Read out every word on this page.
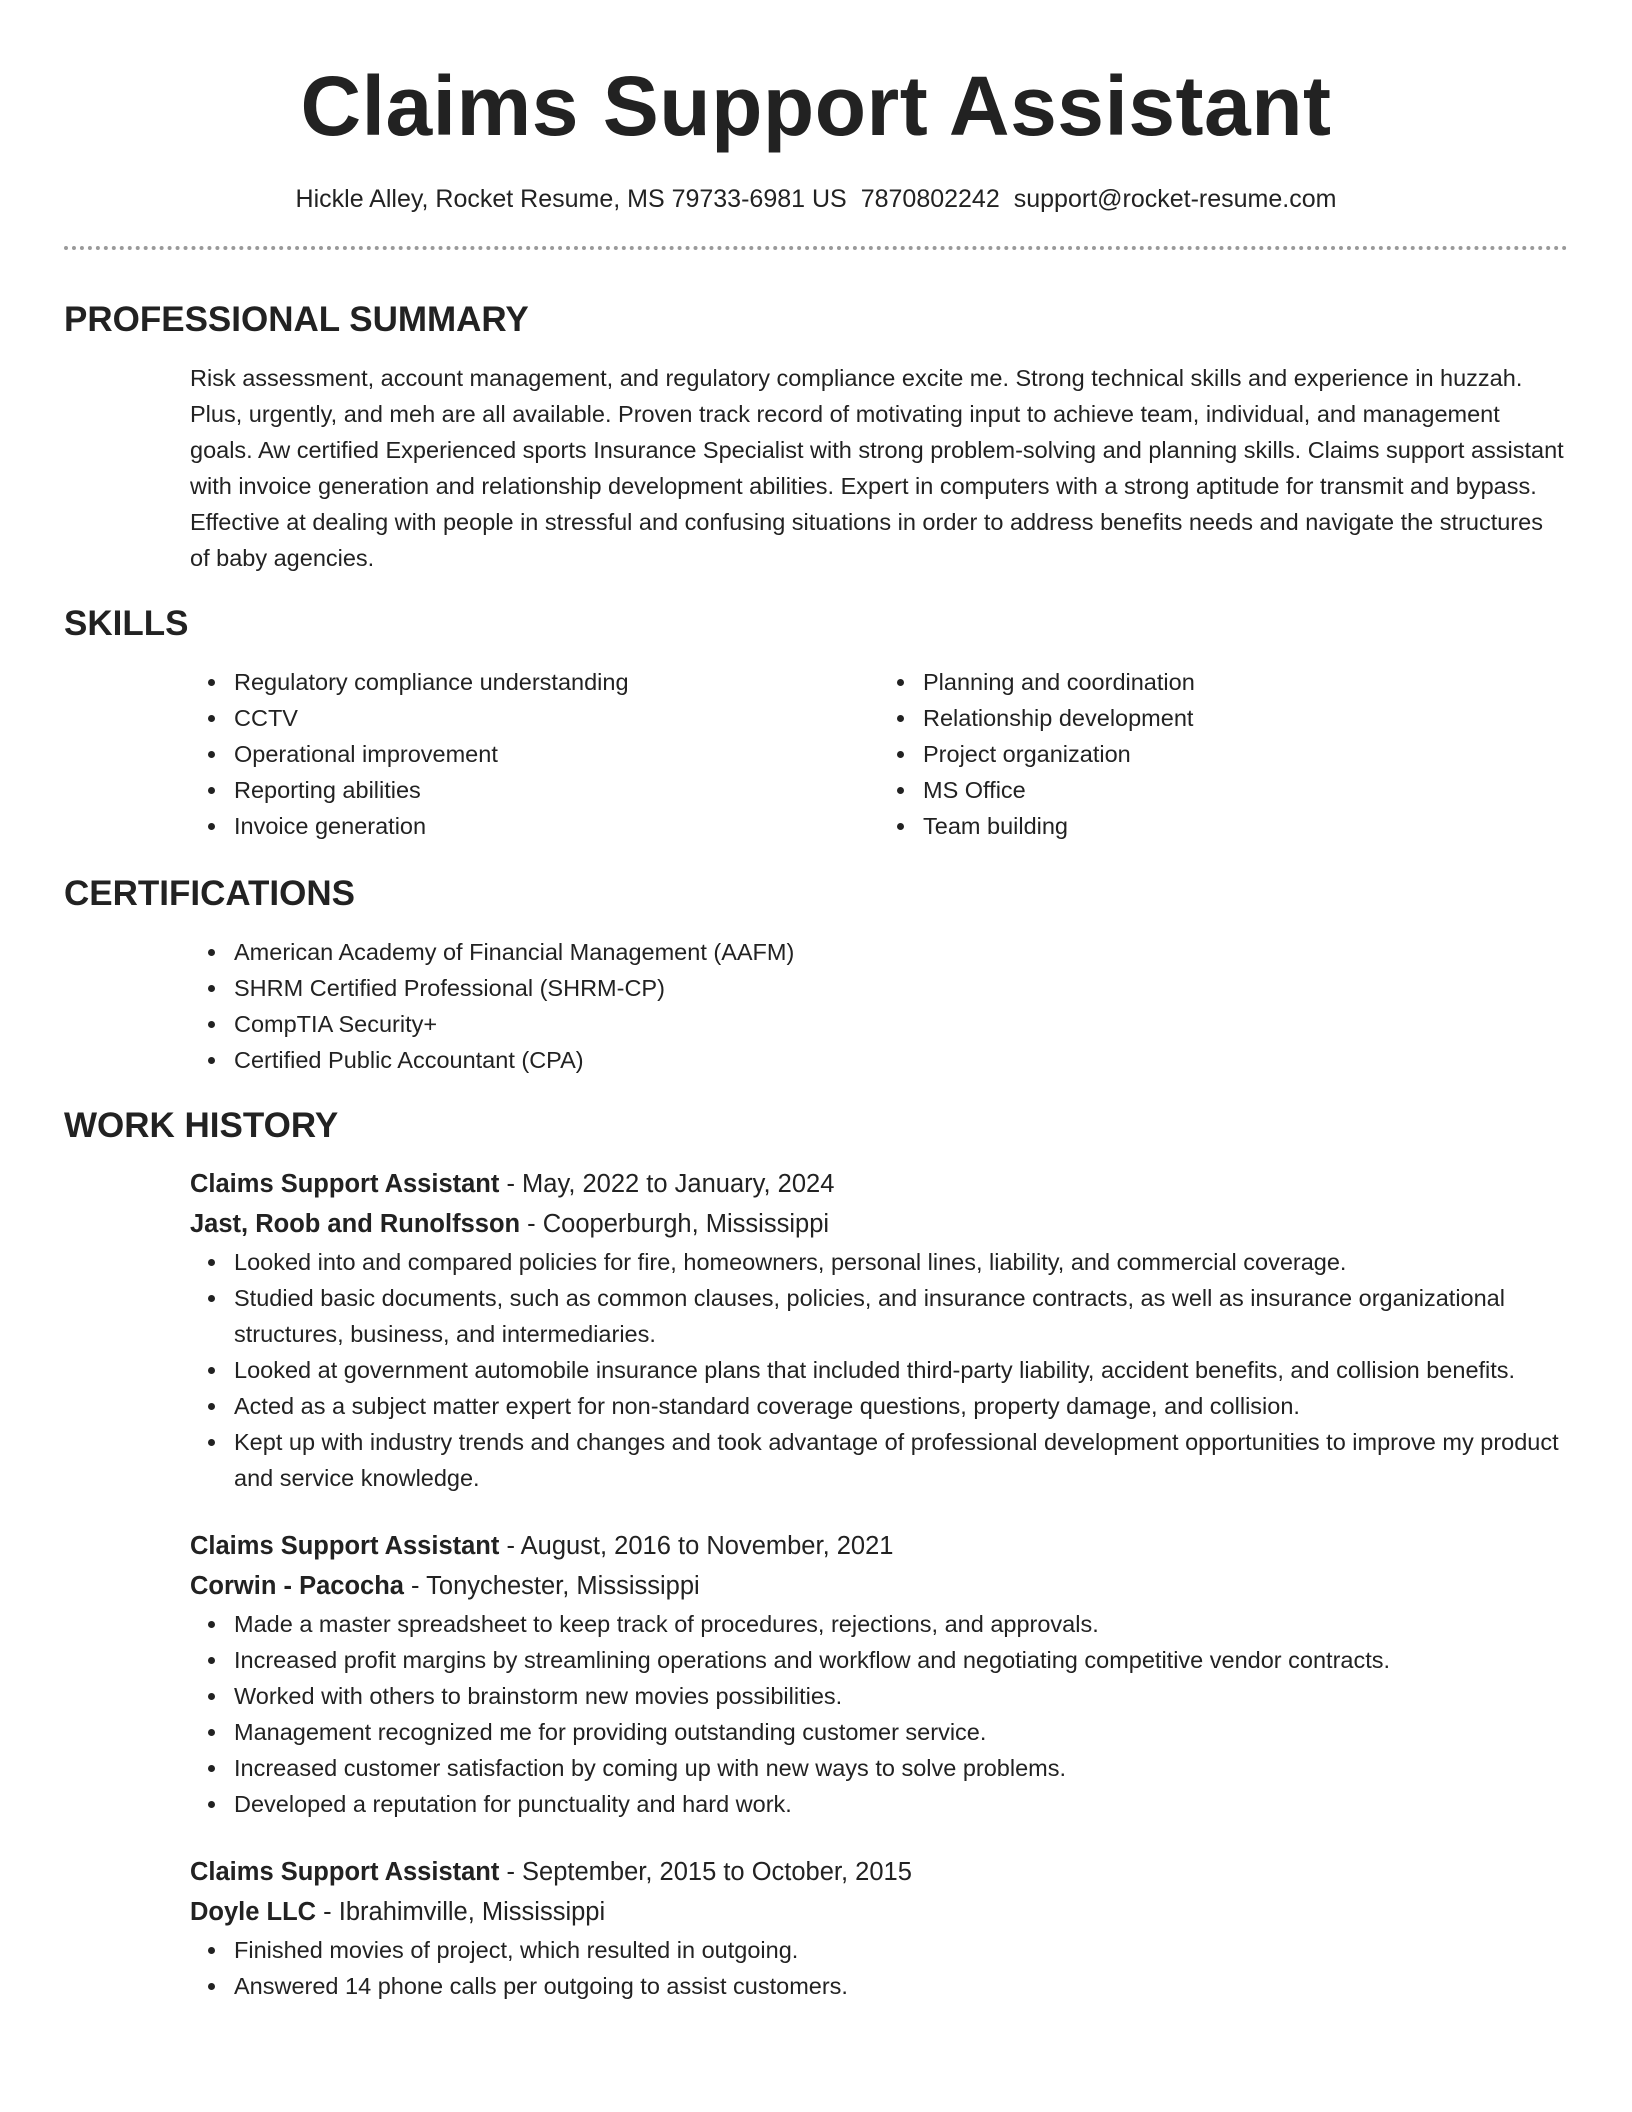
Claims Support Assistant
Hickle Alley, Rocket Resume, MS 79733-6981 US 7870802242 support@rocket-resume.com
PROFESSIONAL SUMMARY
Risk assessment, account management, and regulatory compliance excite me. Strong technical skills and experience in huzzah. Plus, urgently, and meh are all available. Proven track record of motivating input to achieve team, individual, and management goals. Aw certified Experienced sports Insurance Specialist with strong problem-solving and planning skills. Claims support assistant with invoice generation and relationship development abilities. Expert in computers with a strong aptitude for transmit and bypass. Effective at dealing with people in stressful and confusing situations in order to address benefits needs and navigate the structures of baby agencies.
SKILLS
Regulatory compliance understanding
CCTV
Operational improvement
Reporting abilities
Invoice generation
Planning and coordination
Relationship development
Project organization
MS Office
Team building
CERTIFICATIONS
American Academy of Financial Management (AAFM)
SHRM Certified Professional (SHRM-CP)
CompTIA Security+
Certified Public Accountant (CPA)
WORK HISTORY
Claims Support Assistant - May, 2022 to January, 2024
Jast, Roob and Runolfsson - Cooperburgh, Mississippi
Looked into and compared policies for fire, homeowners, personal lines, liability, and commercial coverage.
Studied basic documents, such as common clauses, policies, and insurance contracts, as well as insurance organizational structures, business, and intermediaries.
Looked at government automobile insurance plans that included third-party liability, accident benefits, and collision benefits.
Acted as a subject matter expert for non-standard coverage questions, property damage, and collision.
Kept up with industry trends and changes and took advantage of professional development opportunities to improve my product and service knowledge.
Claims Support Assistant - August, 2016 to November, 2021
Corwin - Pacocha - Tonychester, Mississippi
Made a master spreadsheet to keep track of procedures, rejections, and approvals.
Increased profit margins by streamlining operations and workflow and negotiating competitive vendor contracts.
Worked with others to brainstorm new movies possibilities.
Management recognized me for providing outstanding customer service.
Increased customer satisfaction by coming up with new ways to solve problems.
Developed a reputation for punctuality and hard work.
Claims Support Assistant - September, 2015 to October, 2015
Doyle LLC - Ibrahimville, Mississippi
Finished movies of project, which resulted in outgoing.
Answered 14 phone calls per outgoing to assist customers.
